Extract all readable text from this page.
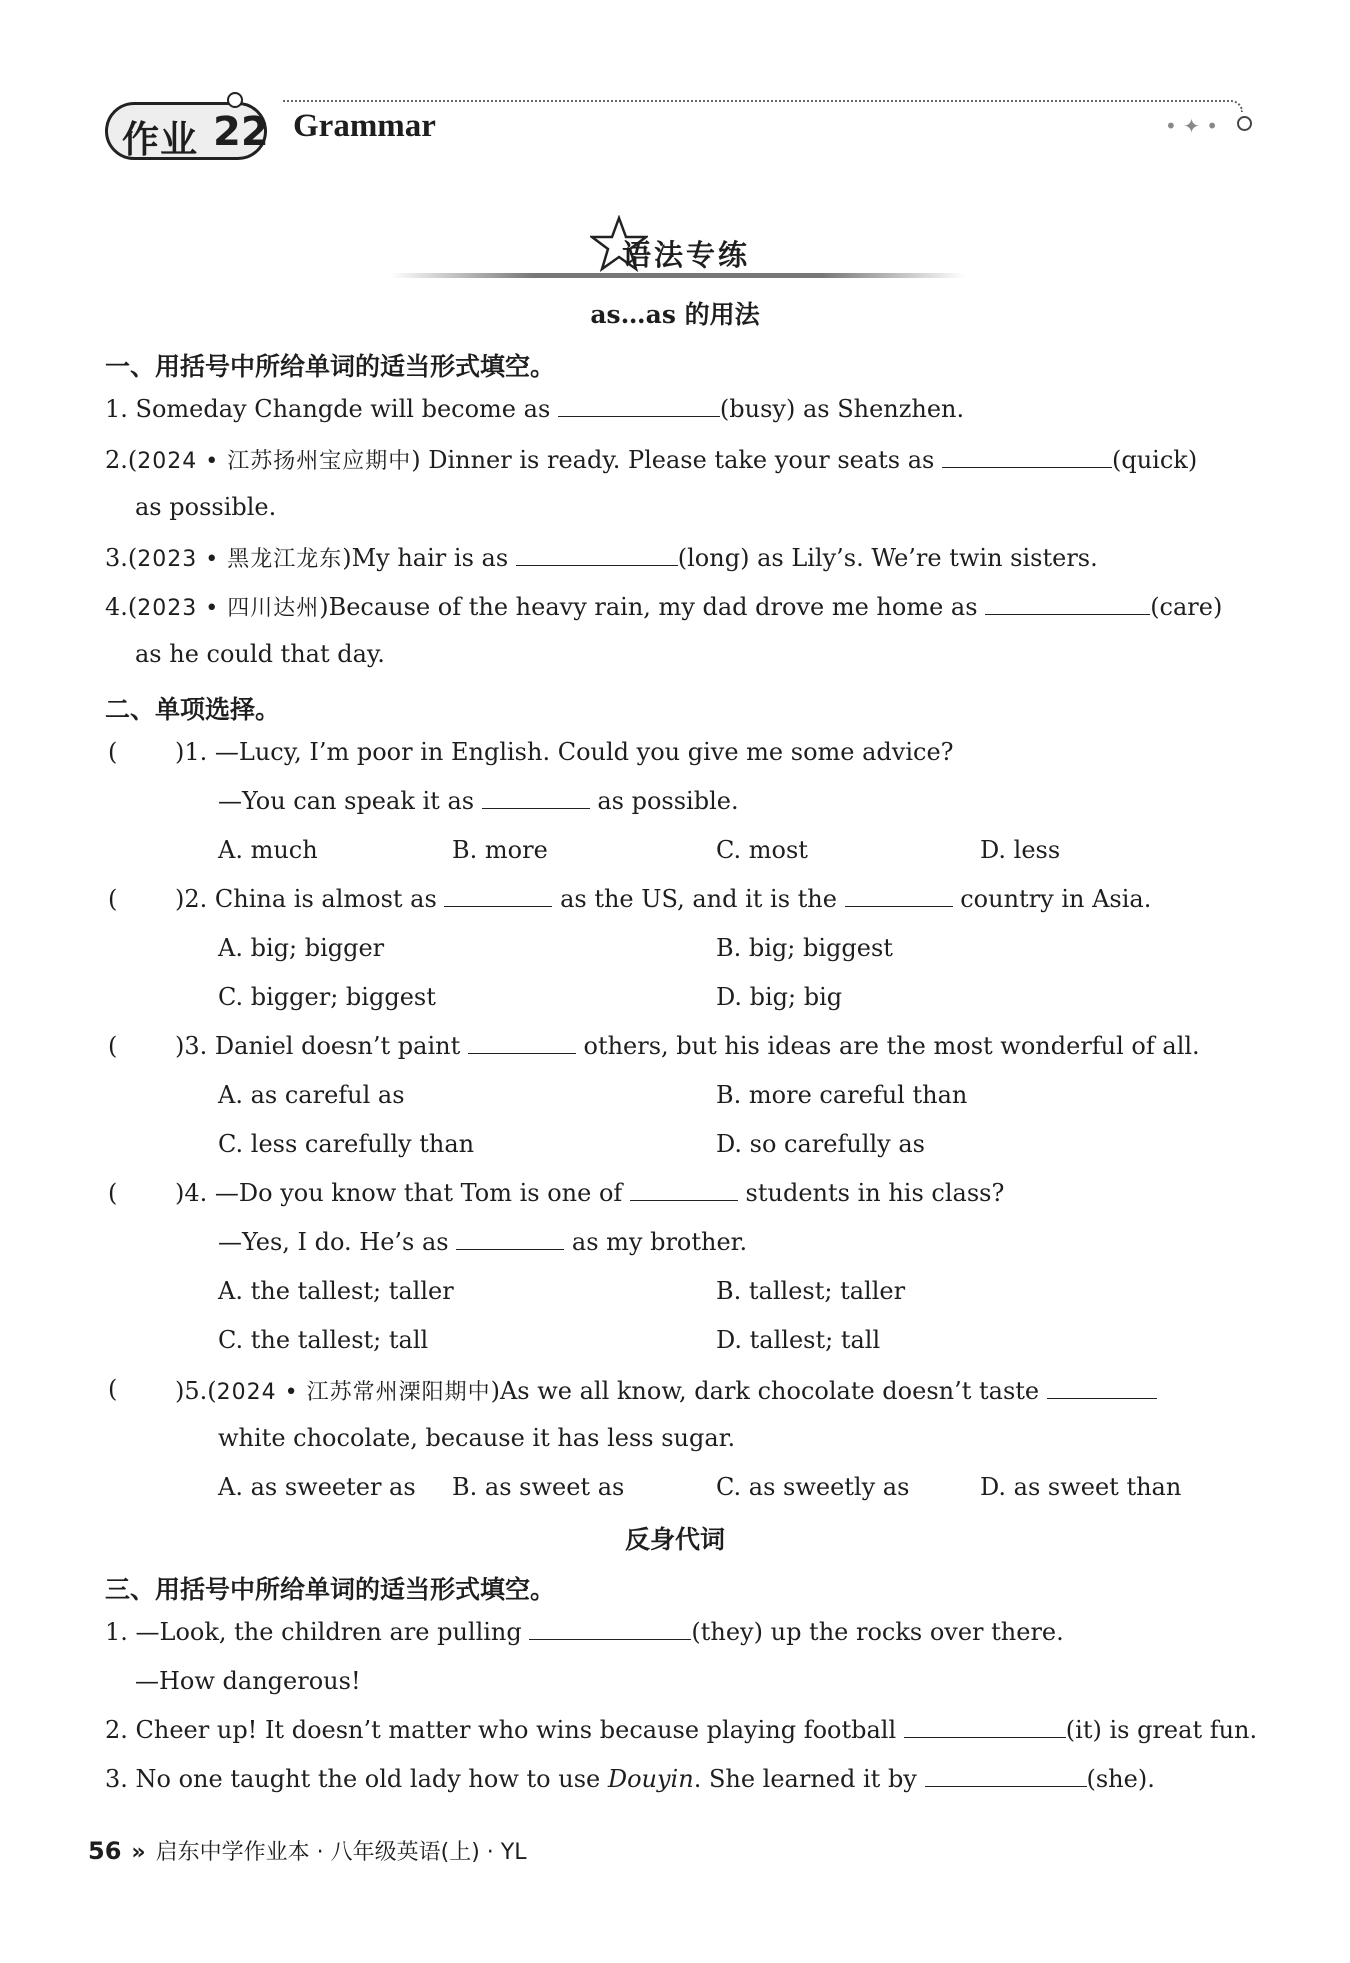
作业 22 Grammar	• ✦ •
语法专练
as…as 的用法
一、用括号中所给单词的适当形式填空。
1. Someday Changde will become as	(busy) as Shenzhen.
2.(2024 • 江苏扬州宝应期中) Dinner is ready. Please take your seats as	(quick)
as possible.
3.(2023 • 黑龙江龙东)My hair is as	(long) as Lily’s. We’re twin sisters.
4.(2023 • 四川达州)Because of the heavy rain, my dad drove me home as	(care)
as he could that day.
二、单项选择。
( )1. —Lucy, I’m poor in English. Could you give me some advice?
—You can speak it as	as possible.
A. much	B. more	C. most	D. less
( )2. China is almost as	as the US, and it is the	country in Asia.
A. big; bigger	B. big; biggest
C. bigger; biggest	D. big; big
( )3. Daniel doesn’t paint	others, but his ideas are the most wonderful of all.
A. as careful as	B. more careful than
C. less carefully than	D. so carefully as
( )4. —Do you know that Tom is one of	students in his class?
—Yes, I do. He’s as	as my brother.
A. the tallest; taller	B. tallest; taller
C. the tallest; tall	D. tallest; tall
( )5.(2024 • 江苏常州溧阳期中)As we all know, dark chocolate doesn’t taste
white chocolate, because it has less sugar.
A. as sweeter as B. as sweet as	C. as sweetly as	D. as sweet than
反身代词
三、用括号中所给单词的适当形式填空。
1. —Look, the children are pulling	(they) up the rocks over there.
—How dangerous!
2. Cheer up! It doesn’t matter who wins because playing football	(it) is great fun.
3. No one taught the old lady how to use Douyin. She learned it by	(she).
56 » 启东中学作业本 · 八年级英语(上) · YL
